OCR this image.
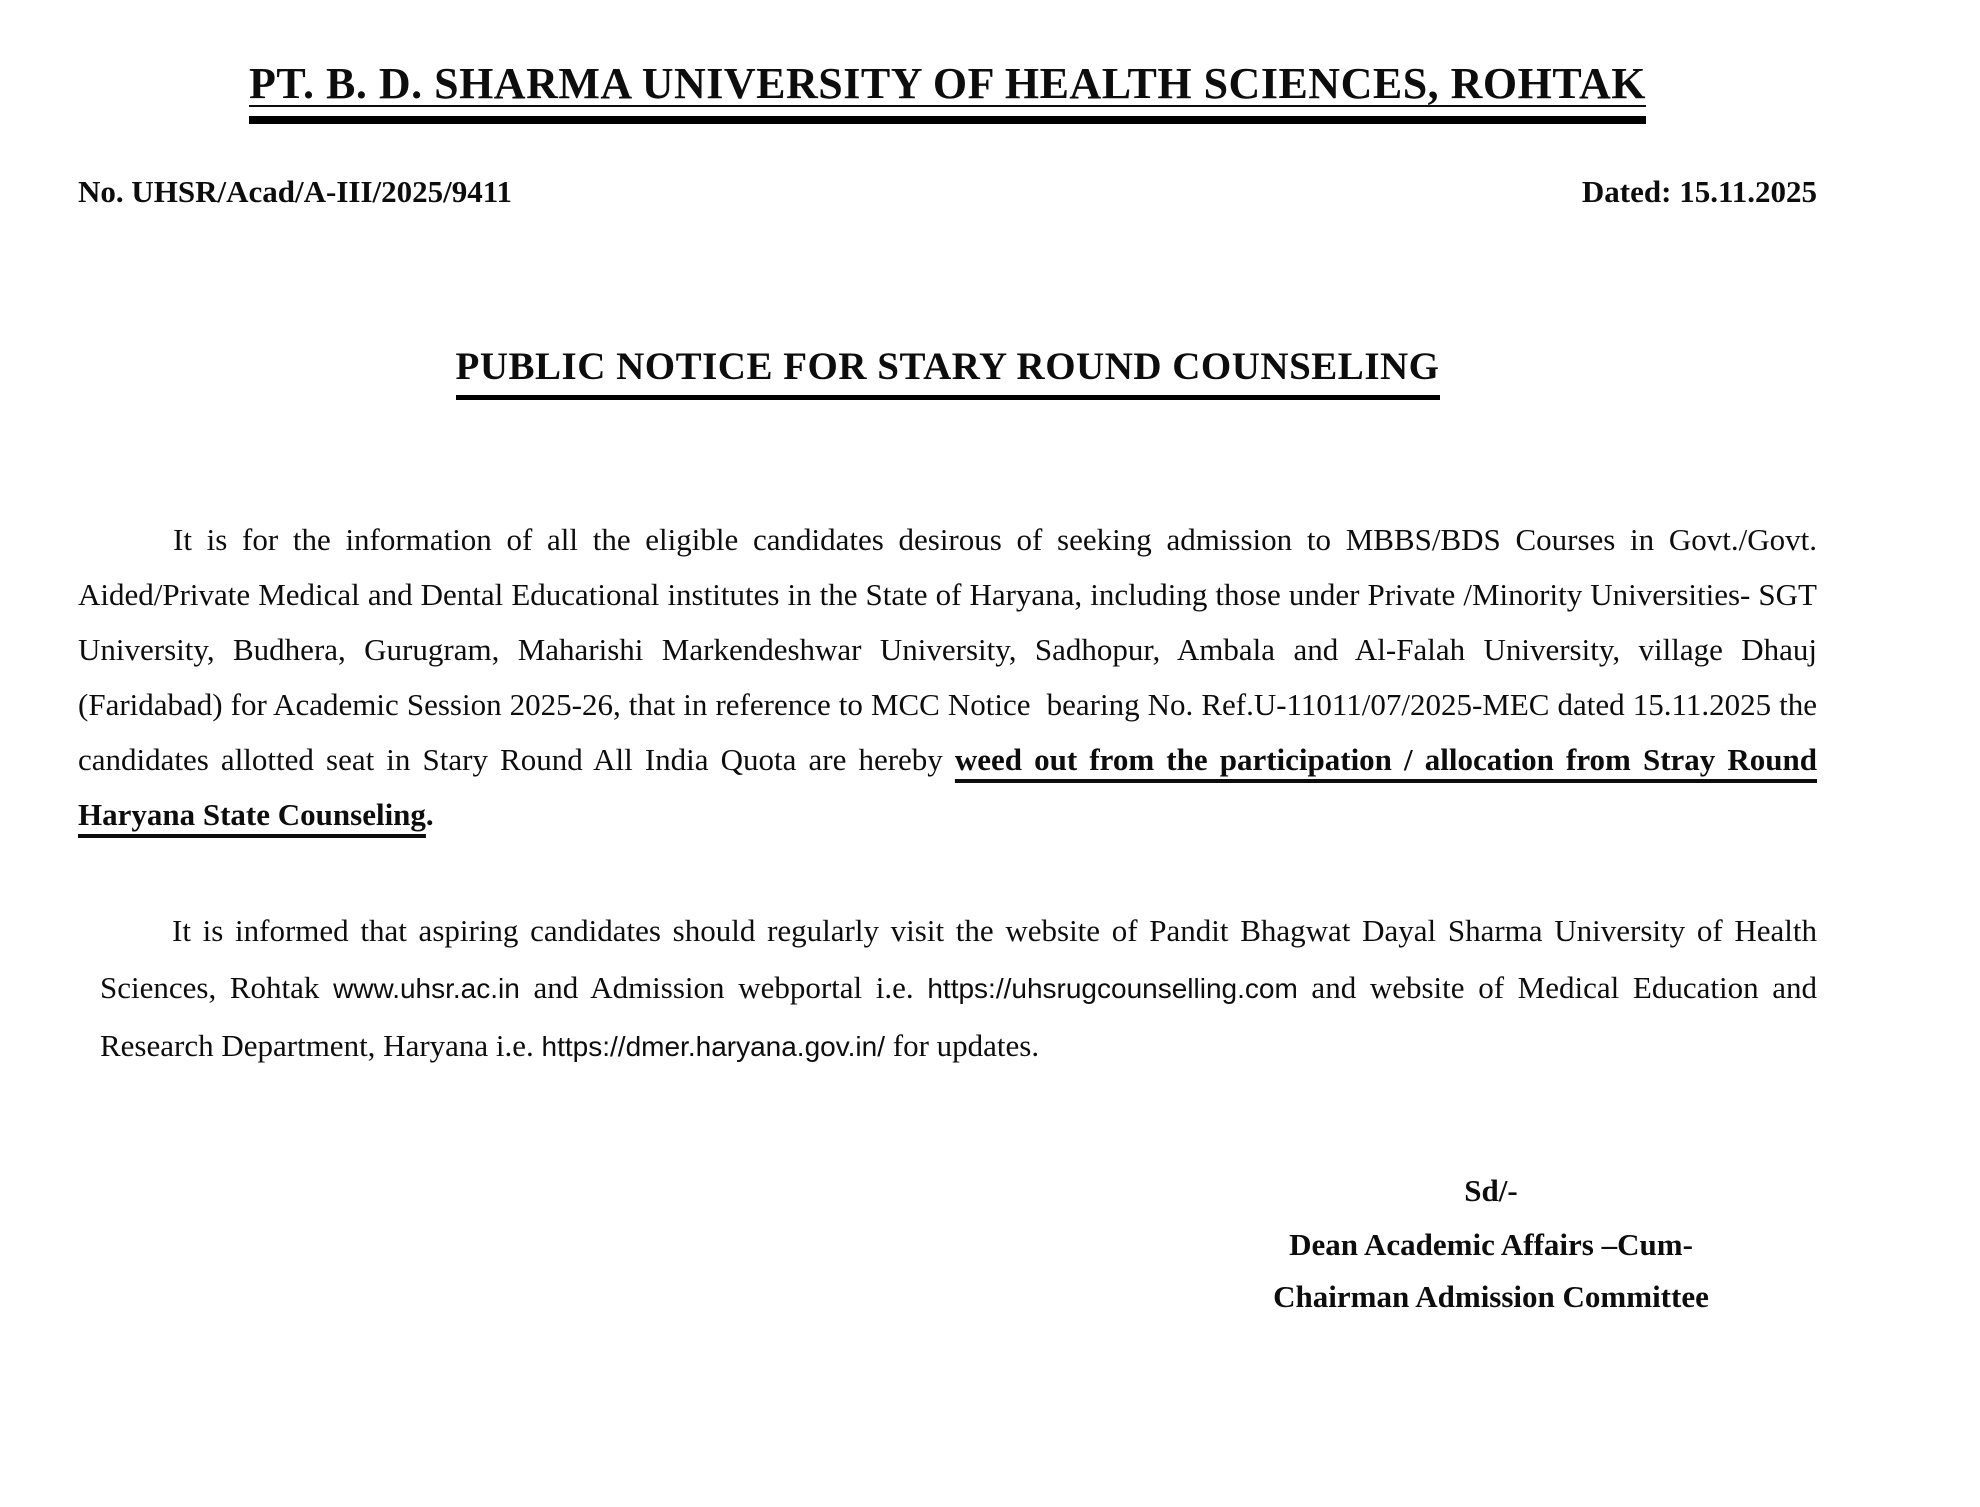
PT. B. D. SHARMA UNIVERSITY OF HEALTH SCIENCES, ROHTAK
No. UHSR/Acad/A-III/2025/9411	Dated: 15.11.2025
PUBLIC NOTICE FOR STARY ROUND COUNSELING

It is for the information of all the eligible candidates desirous of seeking admission to MBBS/BDS Courses in Govt./Govt. Aided/Private Medical and Dental Educational institutes in the State of Haryana, including those under Private /Minority Universities- SGT University, Budhera, Gurugram, Maharishi Markendeshwar University, Sadhopur, Ambala and Al-Falah University, village Dhauj (Faridabad) for Academic Session 2025-26, that in reference to MCC Notice  bearing No. Ref.U-11011/07/2025-MEC dated 15.11.2025 the candidates allotted seat in Stary Round All India Quota are hereby weed out from the participation / allocation from Stray Round Haryana State Counseling.

It is informed that aspiring candidates should regularly visit the website of Pandit Bhagwat Dayal Sharma University of Health Sciences, Rohtak www.uhsr.ac.in and Admission webportal i.e. https://uhsrugcounselling.com and website of Medical Education and Research Department, Haryana i.e. https://dmer.haryana.gov.in/ for updates.

Sd/-
Dean Academic Affairs –Cum-
Chairman Admission Committee
